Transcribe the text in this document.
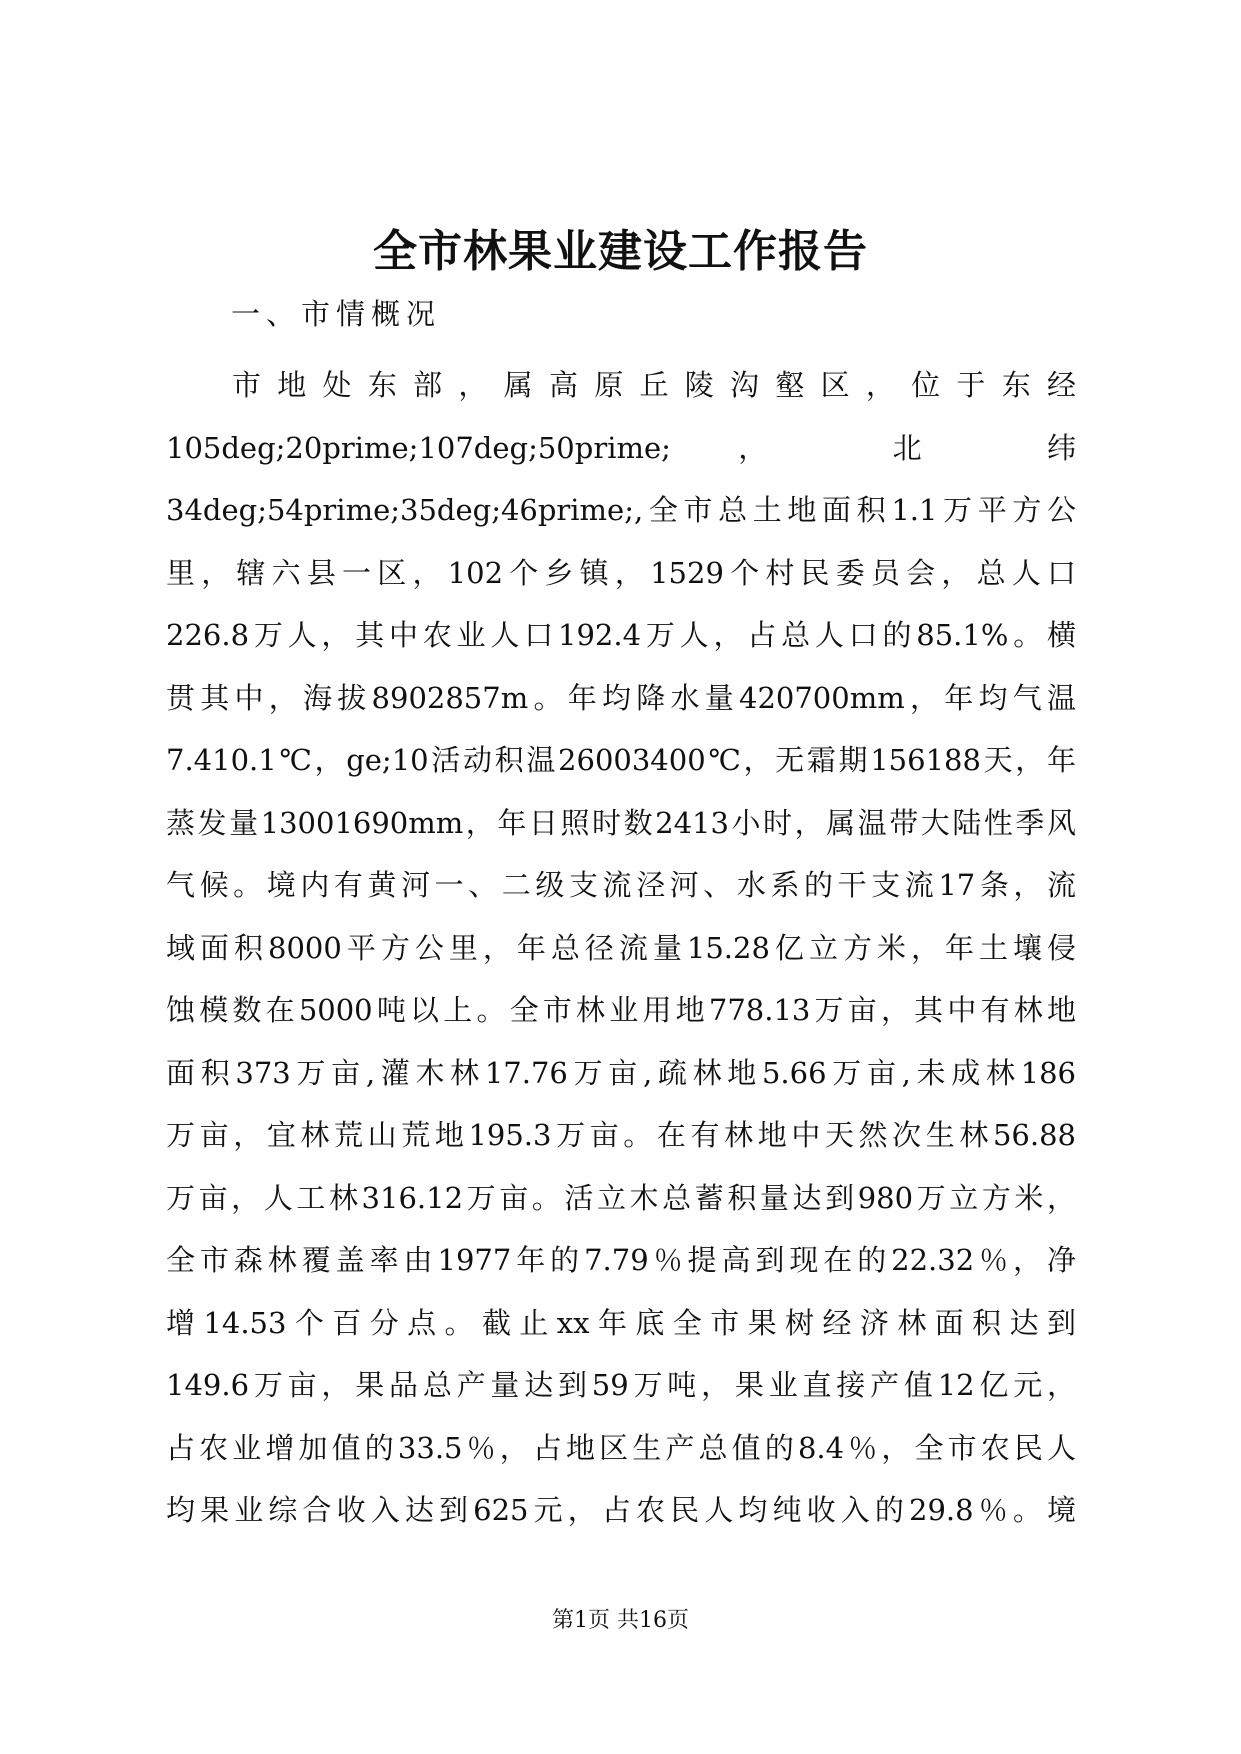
全市林果业建设工作报告

一、市情概况

市地处东部，属高原丘陵沟壑区，位于东经
105deg;20prime;107deg;50prime; ， 北 纬
34deg;54prime;35deg;46prime;,全市总土地面积1.1万平方公
里，辖六县一区，102个乡镇，1529个村民委员会，总人口
226.8万人，其中农业人口192.4万人，占总人口的85.1%。横
贯其中，海拔8902857m。年均降水量420700mm，年均气温
7.410.1℃，ge;10活动积温26003400℃，无霜期156188天，年
蒸发量13001690mm，年日照时数2413小时，属温带大陆性季风
气候。境内有黄河一、二级支流泾河、水系的干支流17条，流
域面积8000平方公里，年总径流量15.28亿立方米，年土壤侵
蚀模数在5000吨以上。全市林业用地778.13万亩，其中有林地
面积373万亩,灌木林17.76万亩,疏林地5.66万亩,未成林186
万亩，宜林荒山荒地195.3万亩。在有林地中天然次生林56.88
万亩，人工林316.12万亩。活立木总蓄积量达到980万立方米，
全市森林覆盖率由1977年的7.79％提高到现在的22.32％，净
增14.53个百分点。截止xx年底全市果树经济林面积达到
149.6万亩，果品总产量达到59万吨，果业直接产值12亿元，
占农业增加值的33.5％，占地区生产总值的8.4％，全市农民人
均果业综合收入达到625元，占农民人均纯收入的29.8％。境

第1页 共16页
